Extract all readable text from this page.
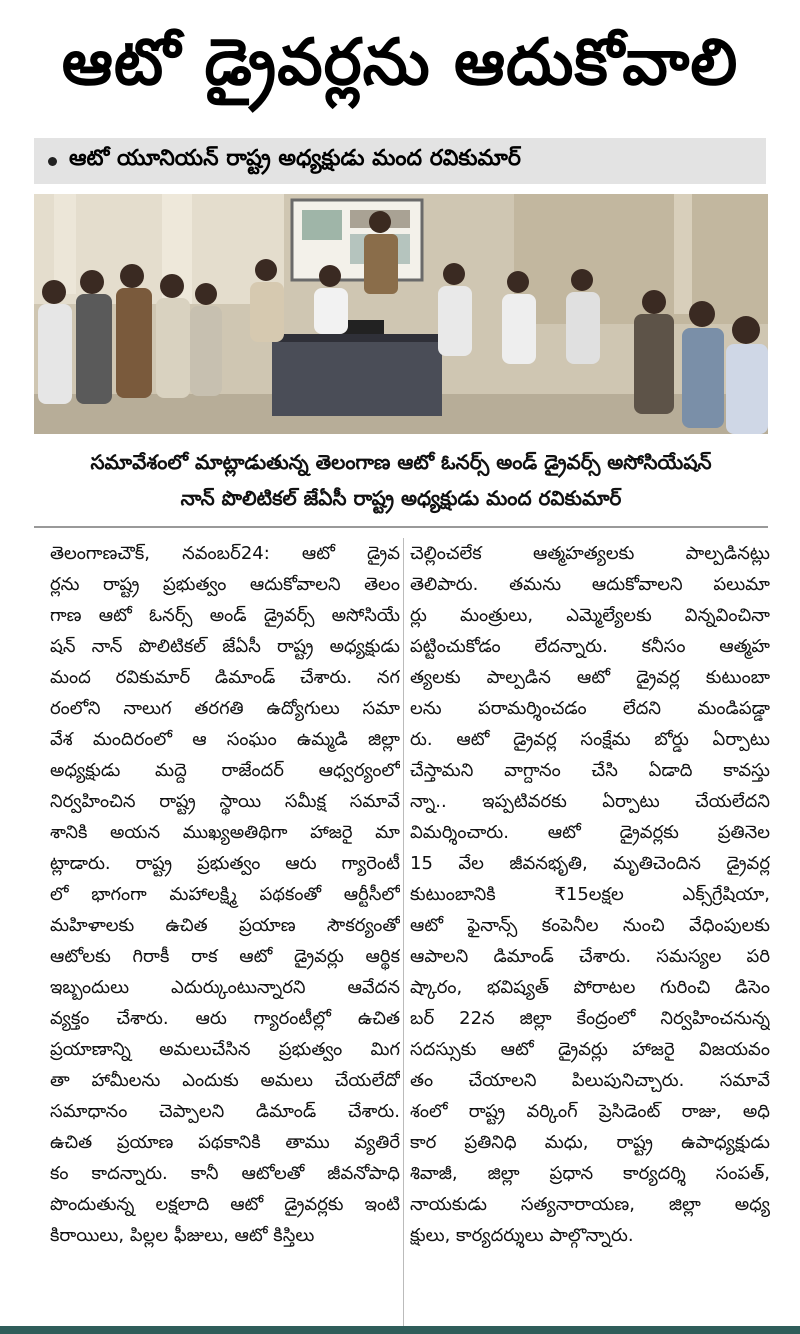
ఆటో డ్రైవర్లను ఆదుకోవాలి
ఆటో యూనియన్ రాష్ట్ర అధ్యక్షుడు మంద రవికుమార్
సమావేశంలో మాట్లాడుతున్న తెలంగాణ ఆటో ఓనర్స్ అండ్ డ్రైవర్స్ అసోసియేషన్
నాన్ పొలిటికల్ జేఏసీ రాష్ట్ర అధ్యక్షుడు మంద రవికుమార్
తెలంగాణచౌక్, నవంబర్24: ఆటో డ్రైవ
ర్లను రాష్ట్ర ప్రభుత్వం ఆదుకోవాలని తెలం
గాణ ఆటో ఓనర్స్ అండ్ డ్రైవర్స్ అసోసియే
షన్ నాన్ పొలిటికల్ జేఏసీ రాష్ట్ర అధ్యక్షుడు
మంద రవికుమార్ డిమాండ్ చేశారు. నగ
రంలోని నాలుగ తరగతి ఉద్యోగులు సమా
వేశ మందిరంలో ఆ సంఘం ఉమ్మడి జిల్లా
అధ్యక్షుడు మద్దె రాజేందర్ ఆధ్వర్యంలో
నిర్వహించిన రాష్ట్ర స్థాయి సమీక్ష సమావే
శానికి అయన ముఖ్యఅతిథిగా హాజరై మా
ట్లాడారు. రాష్ట్ర ప్రభుత్వం ఆరు గ్యారెంటీ
లో భాగంగా మహాలక్ష్మి పథకంతో ఆర్టీసీలో
మహిళాలకు ఉచిత ప్రయాణ సౌకర్యంతో
ఆటోలకు గిరాకీ రాక ఆటో డ్రైవర్లు ఆర్థిక
ఇబ్బందులు ఎదుర్కుంటున్నారని ఆవేదన
వ్యక్తం చేశారు. ఆరు గ్యారంటీల్లో ఉచిత
ప్రయాణాన్ని అమలుచేసిన ప్రభుత్వం మిగ
తా హామీలను ఎందుకు అమలు చేయలేదో
సమాధానం చెప్పాలని డిమాండ్ చేశారు.
ఉచిత ప్రయాణ పథకానికి తాము వ్యతిరే
కం కాదన్నారు. కానీ ఆటోలతో జీవనోపాధి
పొందుతున్న లక్షలాది ఆటో డ్రైవర్లకు ఇంటి
కిరాయిలు, పిల్లల ఫీజులు, ఆటో కిస్తిలు
చెల్లించలేక ఆత్మహత్యలకు పాల్పడినట్లు
తెలిపారు. తమను ఆదుకోవాలని పలుమా
ర్లు మంత్రులు, ఎమ్మెల్యేలకు విన్నవించినా
పట్టించుకోడం లేదన్నారు. కనీసం ఆత్మహ
త్యలకు పాల్పడిన ఆటో డ్రైవర్ల కుటుంబా
లను పరామర్శించడం లేదని మండిపడ్డా
రు. ఆటో డ్రైవర్ల సంక్షేమ బోర్డు ఏర్పాటు
చేస్తామని వాగ్దానం చేసి ఏడాది కావస్తు
న్నా.. ఇప్పటివరకు ఏర్పాటు చేయలేదని
విమర్శించారు. ఆటో డ్రైవర్లకు ప్రతినెల
15 వేల జీవనభృతి, మృతిచెందిన డ్రైవర్ల
కుటుంబానికి ₹15లక్షల ఎక్స్‌గ్రేషియా,
ఆటో ఫైనాన్స్ కంపెనీల నుంచి వేధింపులకు
ఆపాలని డిమాండ్ చేశారు. సమస్యల పరి
ష్కారం, భవిష్యత్ పోరాటల గురించి డిసెం
బర్ 22న జిల్లా కేంద్రంలో నిర్వహించనున్న
సదస్సుకు ఆటో డ్రైవర్లు హాజరై విజయవం
తం చేయాలని పిలుపునిచ్చారు. సమావే
శంలో రాష్ట్ర వర్కింగ్ ప్రెసిడెంట్ రాజు, అధి
కార ప్రతినిధి మధు, రాష్ట్ర ఉపాధ్యక్షుడు
శివాజీ, జిల్లా ప్రధాన కార్యదర్శి సంపత్,
నాయకుడు సత్యనారాయణ, జిల్లా అధ్య
క్షులు, కార్యదర్శులు పాల్గొన్నారు.
